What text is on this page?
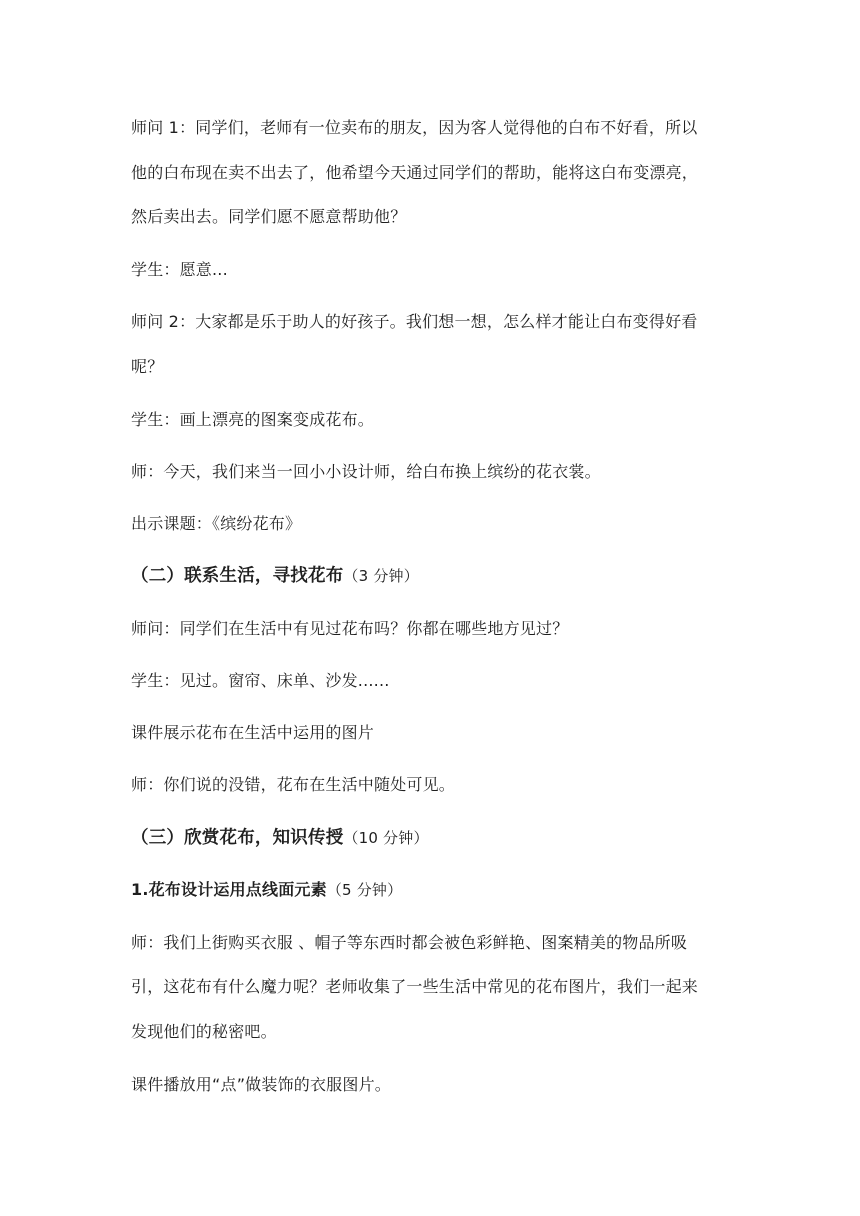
师问 1：同学们，老师有一位卖布的朋友，因为客人觉得他的白布不好看，所以
他的白布现在卖不出去了，他希望今天通过同学们的帮助，能将这白布变漂亮，
然后卖出去。同学们愿不愿意帮助他？
学生：愿意...
师问 2：大家都是乐于助人的好孩子。我们想一想，怎么样才能让白布变得好看
呢？
学生：画上漂亮的图案变成花布。
师：今天，我们来当一回小小设计师，给白布换上缤纷的花衣裳。
出示课题：《缤纷花布》
（二）联系生活，寻找花布（3 分钟）
师问：同学们在生活中有见过花布吗？你都在哪些地方见过？
学生：见过。窗帘、床单、沙发......
课件展示花布在生活中运用的图片
师：你们说的没错，花布在生活中随处可见。
（三）欣赏花布，知识传授（10 分钟）
1.花布设计运用点线面元素（5 分钟）
师：我们上街购买衣服 、帽子等东西时都会被色彩鲜艳、图案精美的物品所吸
引，这花布有什么魔力呢？老师收集了一些生活中常见的花布图片，我们一起来
发现他们的秘密吧。
课件播放用“点”做装饰的衣服图片。
